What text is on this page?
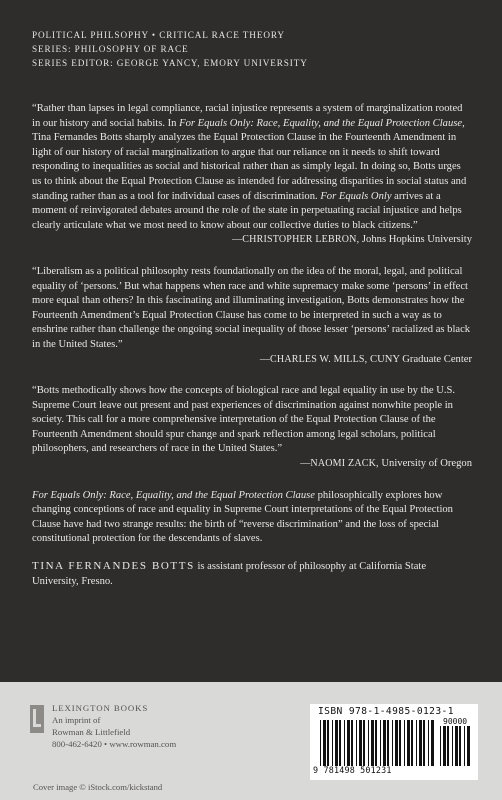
POLITICAL PHILSOPHY • CRITICAL RACE THEORY
SERIES: PHILOSOPHY OF RACE
SERIES EDITOR: GEORGE YANCY, EMORY UNIVERSITY

“Rather than lapses in legal compliance, racial injustice represents a system of marginalization rooted in our history and social habits. In For Equals Only: Race, Equality, and the Equal Protection Clause, Tina Fernandes Botts sharply analyzes the Equal Protection Clause in the Fourteenth Amendment in light of our history of racial marginalization to argue that our reliance on it needs to shift toward responding to inequalities as social and historical rather than as simply legal. In doing so, Botts urges us to think about the Equal Protection Clause as intended for addressing disparities in social status and standing rather than as a tool for individual cases of discrimination. For Equals Only arrives at a moment of reinvigorated debates around the role of the state in perpetuating racial injustice and helps clearly articulate what we most need to know about our collective duties to black citizens.”

—CHRISTOPHER LEBRON, Johns Hopkins University

“Liberalism as a political philosophy rests foundationally on the idea of the moral, legal, and political equality of ‘persons.’ But what happens when race and white supremacy make some ‘persons’ in effect more equal than others? In this fascinating and illuminating investigation, Botts demonstrates how the Fourteenth Amendment’s Equal Protection Clause has come to be interpreted in such a way as to enshrine rather than challenge the ongoing social inequality of those lesser ‘persons’ racialized as black in the United States.”

—CHARLES W. MILLS, CUNY Graduate Center

“Botts methodically shows how the concepts of biological race and legal equality in use by the U.S. Supreme Court leave out present and past experiences of discrimination against nonwhite people in society. This call for a more comprehensive interpretation of the Equal Protection Clause of the Fourteenth Amendment should spur change and spark reflection among legal scholars, political philosophers, and researchers of race in the United States.”

—NAOMI ZACK, University of Oregon

For Equals Only: Race, Equality, and the Equal Protection Clause philosophically explores how changing conceptions of race and equality in Supreme Court interpretations of the Equal Protection Clause have had two strange results: the birth of “reverse discrimination” and the loss of special constitutional protection for the descendants of slaves.

TINA FERNANDES BOTTS is assistant professor of philosophy at California State University, Fresno.

LEXINGTON BOOKS
An imprint of
Rowman & Littlefield
800-462-6420 • www.rowman.com
Cover image © iStock.com/kickstand
ISBN 978-1-4985-0123-1
90000
9 781498 501231
